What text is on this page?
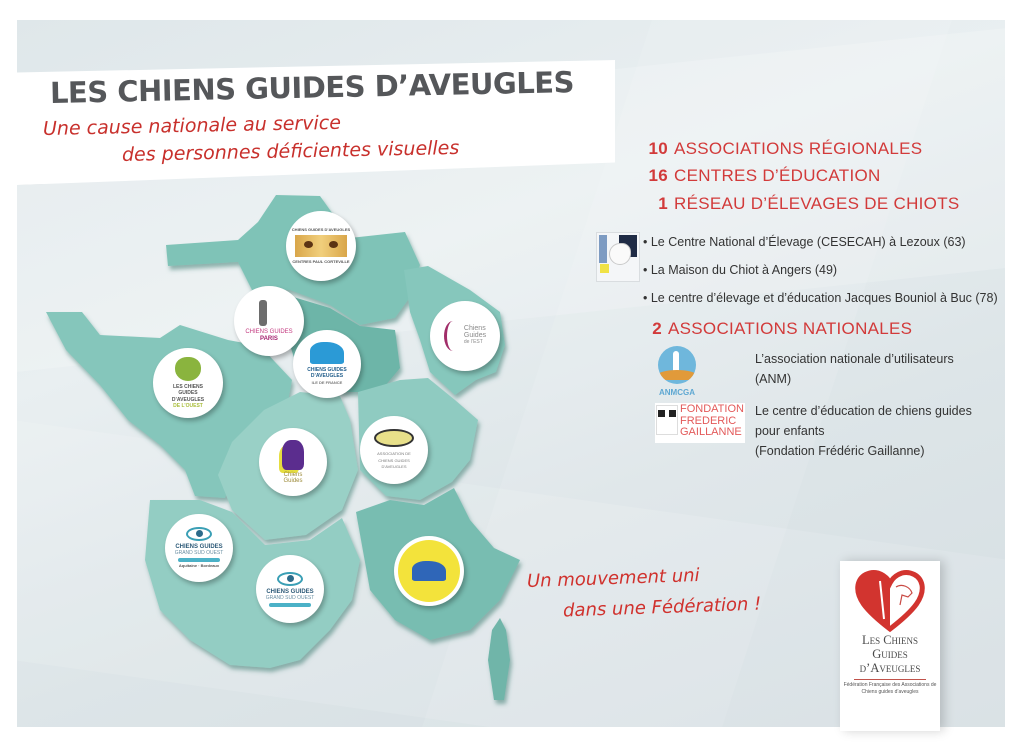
LES CHIENS GUIDES D’AVEUGLES
Une cause nationale au service
des personnes déficientes visuelles
CHIENS GUIDES D’AVEUGLES
CENTRES PAUL CORTEVILLE
CHIENS GUIDES
PARIS
CHIENS GUIDES
D’AVEUGLES
ILE DE FRANCE
Chiens
Guides
de l’EST
LES CHIENS
GUIDES
D’AVEUGLES
DE L’OUEST
Chiens
Guides
ASSOCIATION DE
CHIENS GUIDES
D’AVEUGLES
CHIENS GUIDES
GRAND SUD OUEST
Aquitaine · Bordeaux
CHIENS GUIDES
GRAND SUD OUEST
10 ASSOCIATIONS RÉGIONALES
16 CENTRES D’ÉDUCATION
1 RÉSEAU D’ÉLEVAGES DE CHIOTS
• Le Centre National d’Élevage (CESECAH) à Lezoux (63)
• La Maison du Chiot à Angers (49)
• Le centre d’élevage et d’éducation Jacques Bouniol à Buc (78)
2 ASSOCIATIONS NATIONALES
ANMCGA
L’association nationale d’utilisateurs
(ANM)
FONDATION
FREDERIC
GAILLANNE
Le centre d’éducation de chiens guides
pour enfants
(Fondation Frédéric Gaillanne)
Un mouvement uni
dans une Fédération !
Les Chiens
Guides
d’Aveugles
Fédération Française des Associations de Chiens guides d’aveugles
